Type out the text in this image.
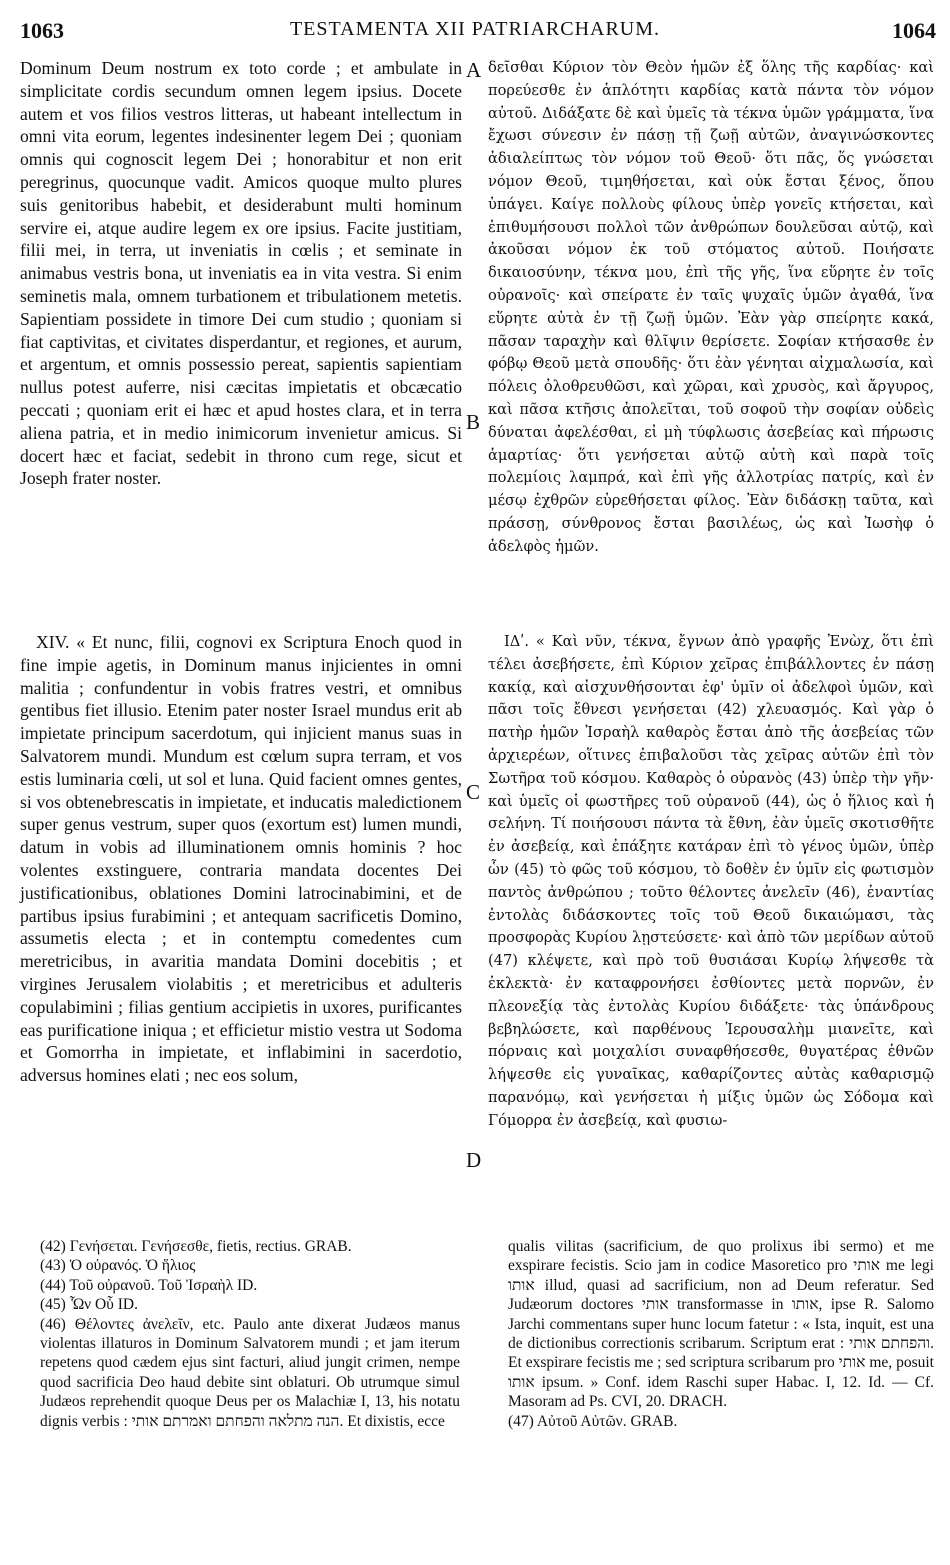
1063	TESTAMENTA XII PATRIARCHARUM.	1064

Dominum Deum nostrum ex toto corde ; et ambulate in simplicitate cordis secundum omnen legem ipsius. Docete autem et vos filios vestros litteras, ut habeant intellectum in omni vita eorum, legentes indesinenter legem Dei ; quoniam omnis qui cognoscit legem Dei ; honorabitur et non erit peregrinus, quocunque vadit. Amicos quoque multo plures suis genitoribus habebit, et desiderabunt multi hominum servire ei, atque audire legem ex ore ipsius. Facite justitiam, filii mei, in terra, ut inveniatis in cœlis ; et seminate in animabus vestris bona, ut inveniatis ea in vita vestra. Si enim seminetis mala, omnem turbationem et tribulationem metetis. Sapientiam possidete in timore Dei cum studio ; quoniam si fiat captivitas, et civitates disperdantur, et regiones, et aurum, et argentum, et omnis possessio pereat, sapientis sapientiam nullus potest auferre, nisi cæcitas impietatis et obcæcatio peccati ; quoniam erit ei hæc et apud hostes clara, et in terra aliena patria, et in medio inimicorum invenietur amicus. Si docert hæc et faciat, sedebit in throno cum rege, sicut et Joseph frater noster.

δεῖσθαι Κύριον τὸν Θεὸν ἡμῶν ἐξ ὅλης τῆς καρδίας· καὶ πορεύεσθε ἐν ἁπλότητι καρδίας κατὰ πάντα τὸν νόμον αὐτοῦ. Διδάξατε δὲ καὶ ὑμεῖς τὰ τέκνα ὑμῶν γράμματα, ἵνα ἔχωσι σύνεσιν ἐν πάσῃ τῇ ζωῇ αὐτῶν, ἀναγινώσκοντες ἀδιαλείπτως τὸν νόμον τοῦ Θεοῦ· ὅτι πᾶς, ὅς γνώσεται νόμον Θεοῦ, τιμηθήσεται, καὶ οὐκ ἔσται ξένος, ὅπου ὑπάγει. Καίγε πολλοὺς φίλους ὑπὲρ γονεῖς κτήσεται, καὶ ἐπιθυμήσουσι πολλοὶ τῶν ἀνθρώπων δουλεῦσαι αὐτῷ, καὶ ἀκοῦσαι νόμον ἐκ τοῦ στόματος αὐτοῦ. Ποιήσατε δικαιοσύνην, τέκνα μου, ἐπὶ τῆς γῆς, ἵνα εὕρητε ἐν τοῖς οὐρανοῖς· καὶ σπείρατε ἐν ταῖς ψυχαῖς ὑμῶν ἀγαθά, ἵνα εὕρητε αὐτὰ ἐν τῇ ζωῇ ὑμῶν. Ἐὰν γὰρ σπείρητε κακά, πᾶσαν ταραχὴν καὶ θλῖψιν θερίσετε. Σοφίαν κτήσασθε ἐν φόβῳ Θεοῦ μετὰ σπουδῆς· ὅτι ἐὰν γένηται αἰχμαλωσία, καὶ πόλεις ὀλοθρευθῶσι, καὶ χῶραι, καὶ χρυσὸς, καὶ ἄργυρος, καὶ πᾶσα κτῆσις ἀπολεῖται, τοῦ σοφοῦ τὴν σοφίαν οὐδεὶς δύναται ἀφελέσθαι, εἰ μὴ τύφλωσις ἀσεβείας καὶ πήρωσις ἁμαρτίας· ὅτι γενήσεται αὐτῷ αὐτὴ καὶ παρὰ τοῖς πολεμίοις λαμπρά, καὶ ἐπὶ γῆς ἀλλοτρίας πατρίς, καὶ ἐν μέσῳ ἐχθρῶν εὑρεθήσεται φίλος. Ἐὰν διδάσκῃ ταῦτα, καὶ πράσσῃ, σύνθρονος ἔσται βασιλέως, ὡς καὶ Ἰωσὴφ ὁ ἀδελφὸς ἡμῶν.

A
B
C
D

XIV. « Et nunc, filii, cognovi ex Scriptura Enoch quod in fine impie agetis, in Dominum manus injicientes in omni malitia ; confundentur in vobis fratres vestri, et omnibus gentibus fiet illusio. Etenim pater noster Israel mundus erit ab impietate principum sacerdotum, qui injicient manus suas in Salvatorem mundi. Mundum est cœlum supra terram, et vos estis luminaria cœli, ut sol et luna. Quid facient omnes gentes, si vos obtenebrescatis in impietate, et inducatis maledictionem super genus vestrum, super quos (exortum est) lumen mundi, datum in vobis ad illuminationem omnis hominis ? hoc volentes exstinguere, contraria mandata docentes Dei justificationibus, oblationes Domini latrocinabimini, et de partibus ipsius furabimini ; et antequam sacrificetis Domino, assumetis electa ; et in contemptu comedentes cum meretricibus, in avaritia mandata Domini docebitis ; et virgines Jerusalem violabitis ; et meretricibus et adulteris copulabimini ; filias gentium accipietis in uxores, purificantes eas purificatione iniqua ; et efficietur mistio vestra ut Sodoma et Gomorrha in impietate, et inflabimini in sacerdotio, adversus homines elati ; nec eos solum,

ΙΔʹ. « Καὶ νῦν, τέκνα, ἔγνων ἀπὸ γραφῆς Ἐνὼχ, ὅτι ἐπὶ τέλει ἀσεβήσετε, ἐπὶ Κύριον χεῖρας ἐπιβάλλοντες ἐν πάσῃ κακίᾳ, καὶ αἰσχυνθήσονται ἐφ' ὑμῖν οἱ ἀδελφοὶ ὑμῶν, καὶ πᾶσι τοῖς ἔθνεσι γενήσεται (42) χλευασμός. Καὶ γὰρ ὁ πατὴρ ἡμῶν Ἰσραὴλ καθαρὸς ἔσται ἀπὸ τῆς ἀσεβείας τῶν ἀρχιερέων, οἵτινες ἐπιβαλοῦσι τὰς χεῖρας αὐτῶν ἐπὶ τὸν Σωτῆρα τοῦ κόσμου. Καθαρὸς ὁ οὐρανὸς (43) ὑπὲρ τὴν γῆν· καὶ ὑμεῖς οἱ φωστῆρες τοῦ οὐρανοῦ (44), ὡς ὁ ἥλιος καὶ ἡ σελήνη. Τί ποιήσουσι πάντα τὰ ἔθνη, ἐὰν ὑμεῖς σκοτισθῆτε ἐν ἀσεβείᾳ, καὶ ἐπάξητε κατάραν ἐπὶ τὸ γένος ὑμῶν, ὑπὲρ ὧν (45) τὸ φῶς τοῦ κόσμου, τὸ δοθὲν ἐν ὑμῖν εἰς φωτισμὸν παντὸς ἀνθρώπου ; τοῦτο θέλοντες ἀνελεῖν (46), ἐναντίας ἐντολὰς διδάσκοντες τοῖς τοῦ Θεοῦ δικαιώμασι, τὰς προσφορὰς Κυρίου λῃστεύσετε· καὶ ἀπὸ τῶν μερίδων αὐτοῦ (47) κλέψετε, καὶ πρὸ τοῦ θυσιάσαι Κυρίῳ λήψεσθε τὰ ἐκλεκτὰ· ἐν καταφρονήσει ἐσθίοντες μετὰ πορνῶν, ἐν πλεονεξίᾳ τὰς ἐντολὰς Κυρίου διδάξετε· τὰς ὑπάνδρους βεβηλώσετε, καὶ παρθένους Ἱερουσαλὴμ μιανεῖτε, καὶ πόρναις καὶ μοιχαλίσι συναφθήσεσθε, θυγατέρας ἐθνῶν λήψεσθε εἰς γυναῖκας, καθαρίζοντες αὐτὰς καθαρισμῷ παρανόμῳ, καὶ γενήσεται ἡ μίξις ὑμῶν ὡς Σόδομα καὶ Γόμορρα ἐν ἀσεβείᾳ, καὶ φυσιω-

(42) Γενήσεται. Γενήσεσθε, fietis, rectius. GRAB.

(43) Ὁ οὐρανός. Ὁ ἥλιος

(44) Τοῦ οὐρανοῦ. Τοῦ Ἰσραὴλ ID.

(45) Ὧν Οὗ ID.

(46) Θέλοντες ἀνελεῖν, etc. Paulo ante dixerat Judæos manus violentas illaturos in Dominum Salvatorem mundi ; et jam iterum repetens quod cædem ejus sint facturi, aliud jungit crimen, nempe quod sacrificia Deo haud debite sint oblaturi. Ob utrumque simul Judæos reprehendit quoque Deus per os Malachiæ I, 13, his notatu dignis verbis : הנה מתלאה והפחתם ואמרתם אותי. Et dixistis, ecce

qualis vilitas (sacrificium, de quo prolixus ibi sermo) et me exspirare fecistis. Scio jam in codice Masoretico pro אותי me legi אותו illud, quasi ad sacrificium, non ad Deum referatur. Sed Judæorum doctores אותי transformasse in אותו, ipse R. Salomo Jarchi commentans super hunc locum fatetur : « Ista, inquit, est una de dictionibus correctionis scribarum. Scriptum erat : והפחתם אותי. Et exspirare fecistis me ; sed scriptura scribarum pro אותי me, posuit אותו ipsum. » Conf. idem Raschi super Habac. I, 12. Id. — Cf. Masoram ad Ps. CVI, 20. DRACH.

(47) Αὐτοῦ Αὐτῶν. GRAB.
